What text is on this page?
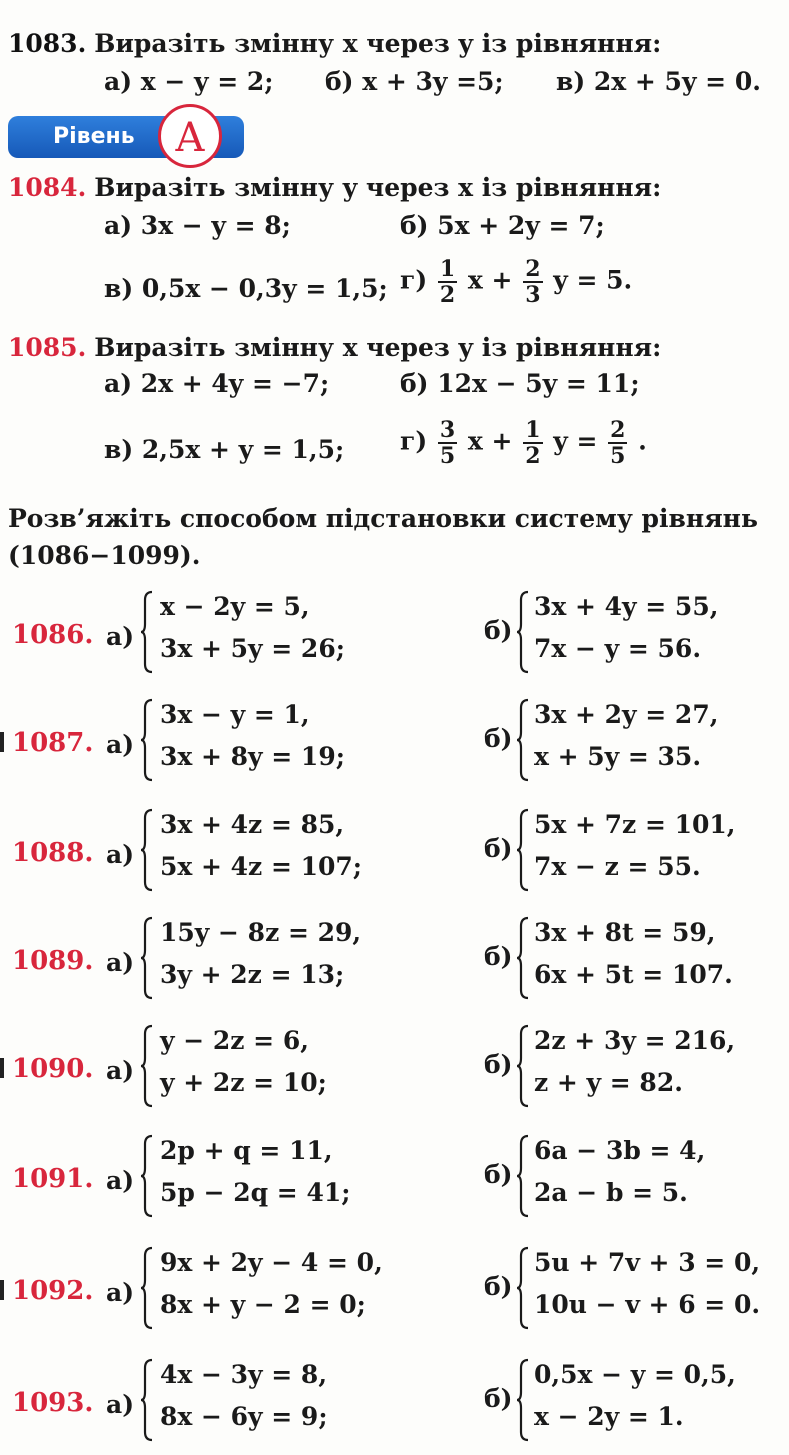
1083. Виразіть змінну x через y із рівняння:
а) x − y = 2; б) x + 3y =5; в) 2x + 5y = 0.
Рівень	A
1084. Виразіть змінну y через x із рівняння:
а) 3x − y = 8;	б) 5x + 2y = 7;
в) 0,5x − 0,3y = 1,5; $г) \frac{1}{2}$ $x + \frac{2}{3}$ y = 5.
1085. Виразіть змінну x через y із рівняння:
а) 2x + 4y = −7;	б) 12x − 5y = 11;
в) 2,5x + y = 1,5; $г) \frac{3}{5}$ $x + \frac{1}{2}$ $y = \frac{2}{5}$ .
Розв’яжіть способом підстановки систему рівнянь
(1086−1099).
1086. а)
x − 2y = 5,
3x + 5y = 26;
б)
3x + 4y = 55,
7x − y = 56.
1087. а)
3x − y = 1,
3x + 8y = 19;
б)
3x + 2y = 27,
x + 5y = 35.
1088. а)
3x + 4z = 85,
5x + 4z = 107;
б)
5x + 7z = 101,
7x − z = 55.
1089. а)
15y − 8z = 29,
3y + 2z = 13;
б)
3x + 8t = 59,
6x + 5t = 107.
1090. а)
y − 2z = 6,
y + 2z = 10;
б)
2z + 3y = 216,
z + y = 82.
1091. а)
2p + q = 11,
5p − 2q = 41;
б)
6a − 3b = 4,
2a − b = 5.
1092. а)
9x + 2y − 4 = 0,
8x + y − 2 = 0;
б)
5u + 7v + 3 = 0,
10u − v + 6 = 0.
1093. а)
4x − 3y = 8,
8x − 6y = 9;
б)
0,5x − y = 0,5,
x − 2y = 1.
